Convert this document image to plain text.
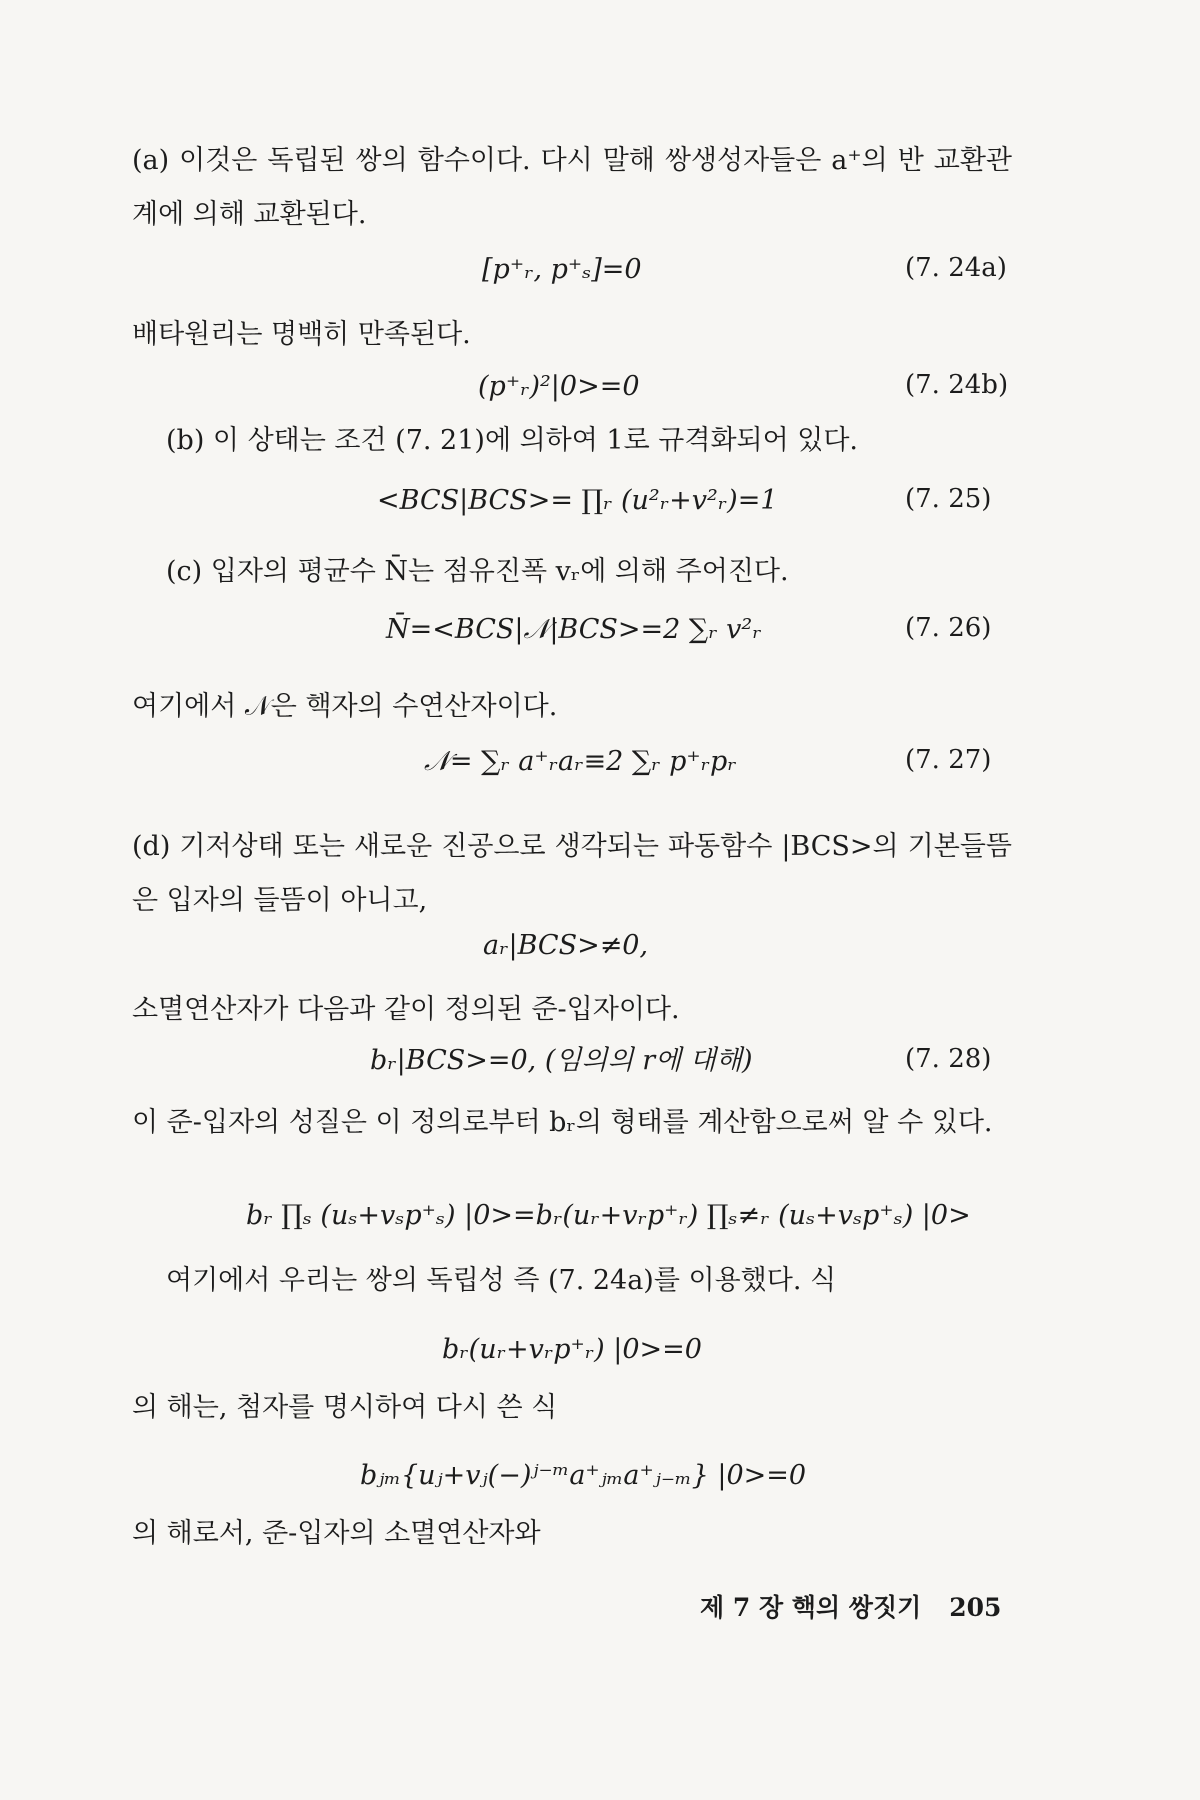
(a) 이것은 독립된 쌍의 함수이다. 다시 말해 쌍생성자들은 a⁺의 반 교환관계에 의해 교환된다.
[p⁺ᵣ, p⁺ₛ]=0	(7. 24a)
배타원리는 명백히 만족된다.
(p⁺ᵣ)²|0>=0	(7. 24b)
(b) 이 상태는 조건 (7. 21)에 의하여 1로 규격화되어 있다.
<BCS|BCS>= ∏ᵣ (u²ᵣ+v²ᵣ)=1	(7. 25)
(c) 입자의 평균수 N̄는 점유진폭 vᵣ에 의해 주어진다.
N̄=<BCS|𝒩|BCS>=2 ∑ᵣ v²ᵣ	(7. 26)
여기에서 𝒩은 핵자의 수연산자이다.
𝒩= ∑ᵣ a⁺ᵣaᵣ≡2 ∑ᵣ p⁺ᵣpᵣ	(7. 27)
(d) 기저상태 또는 새로운 진공으로 생각되는 파동함수 |BCS>의 기본들뜸은 입자의 들뜸이 아니고,
aᵣ|BCS>≠0,
소멸연산자가 다음과 같이 정의된 준-입자이다.
bᵣ|BCS>=0, (임의의 r에 대해)	(7. 28)
이 준-입자의 성질은 이 정의로부터 bᵣ의 형태를 계산함으로써 알 수 있다.
bᵣ ∏ₛ (uₛ+vₛp⁺ₛ) |0>=bᵣ(uᵣ+vᵣp⁺ᵣ) ∏ₛ≠ᵣ (uₛ+vₛp⁺ₛ) |0>
여기에서 우리는 쌍의 독립성 즉 (7. 24a)를 이용했다. 식
bᵣ(uᵣ+vᵣp⁺ᵣ) |0>=0
의 해는, 첨자를 명시하여 다시 쓴 식
bⱼₘ{uⱼ+vⱼ(−)ʲ⁻ᵐa⁺ⱼₘa⁺ⱼ₋ₘ} |0>=0
의 해로서, 준-입자의 소멸연산자와
제 7 장 핵의 쌍짓기 205
